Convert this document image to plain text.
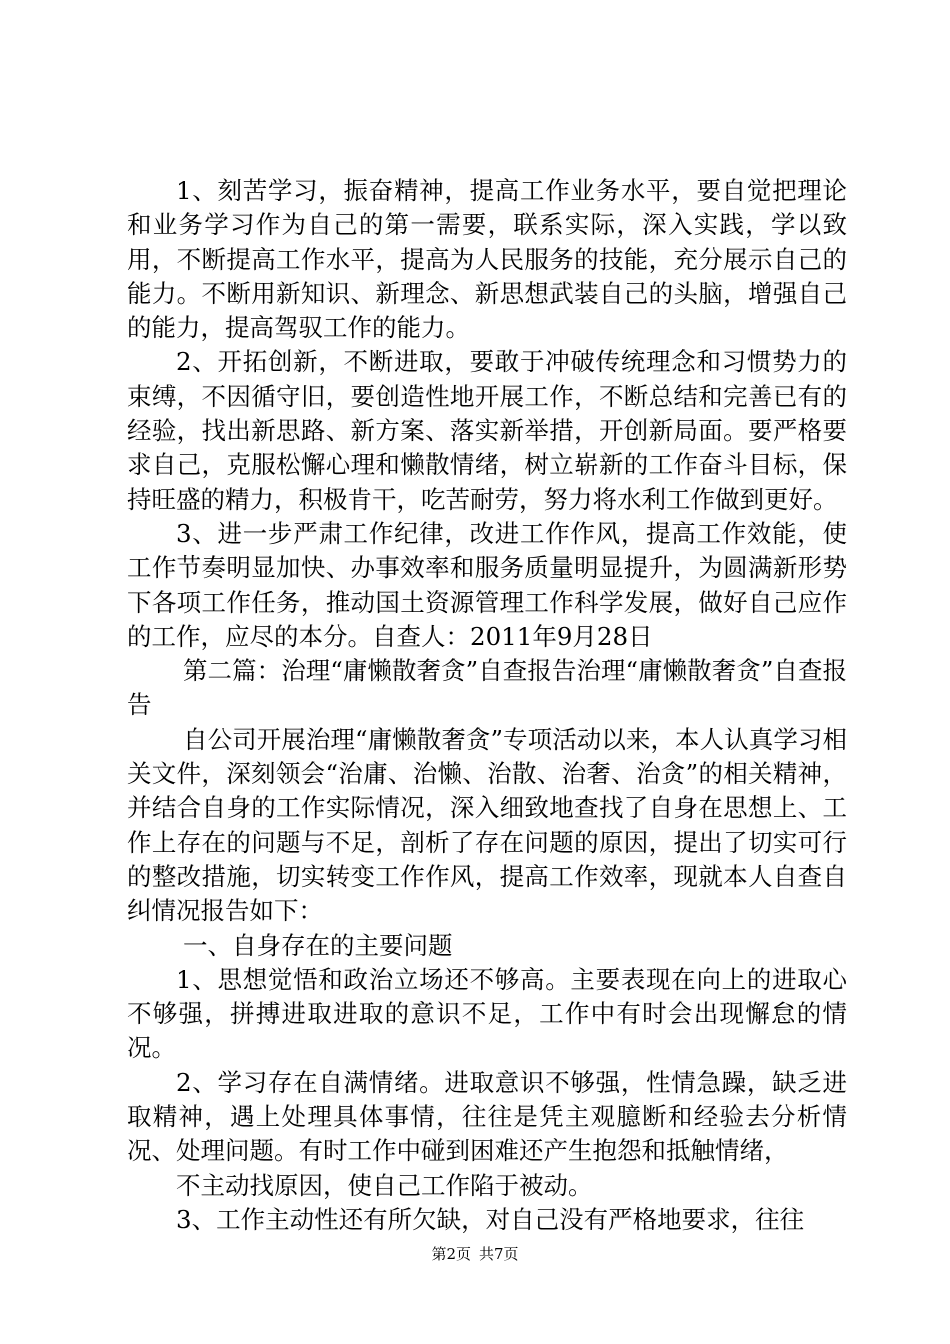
1、刻苦学习，振奋精神，提高工作业务水平，要自觉把理论和业务学习作为自己的第一需要，联系实际，深入实践，学以致用，不断提高工作水平，提高为人民服务的技能，充分展示自己的能力。不断用新知识、新理念、新思想武装自己的头脑，增强自己的能力，提高驾驭工作的能力。

2、开拓创新，不断进取，要敢于冲破传统理念和习惯势力的束缚，不因循守旧，要创造性地开展工作，不断总结和完善已有的经验，找出新思路、新方案、落实新举措，开创新局面。要严格要求自己，克服松懈心理和懒散情绪，树立崭新的工作奋斗目标，保持旺盛的精力，积极肯干，吃苦耐劳，努力将水利工作做到更好。

3、进一步严肃工作纪律，改进工作作风，提高工作效能，使工作节奏明显加快、办事效率和服务质量明显提升，为圆满新形势下各项工作任务，推动国土资源管理工作科学发展，做好自己应作的工作，应尽的本分。自查人：2011年9月28日

第二篇：治理“庸懒散奢贪”自查报告治理“庸懒散奢贪”自查报告

自公司开展治理“庸懒散奢贪”专项活动以来，本人认真学习相关文件，深刻领会“治庸、治懒、治散、治奢、治贪”的相关精神，并结合自身的工作实际情况，深入细致地查找了自身在思想上、工作上存在的问题与不足，剖析了存在问题的原因，提出了切实可行的整改措施，切实转变工作作风，提高工作效率，现就本人自查自纠情况报告如下：

一、自身存在的主要问题

1、思想觉悟和政治立场还不够高。主要表现在向上的进取心不够强，拼搏进取进取的意识不足，工作中有时会出现懈怠的情况。

2、学习存在自满情绪。进取意识不够强，性情急躁，缺乏进取精神，遇上处理具体事情，往往是凭主观臆断和经验去分析情况、处理问题。有时工作中碰到困难还产生抱怨和抵触情绪，

不主动找原因，使自己工作陷于被动。

3、工作主动性还有所欠缺，对自己没有严格地要求，往往

第2页 共7页
